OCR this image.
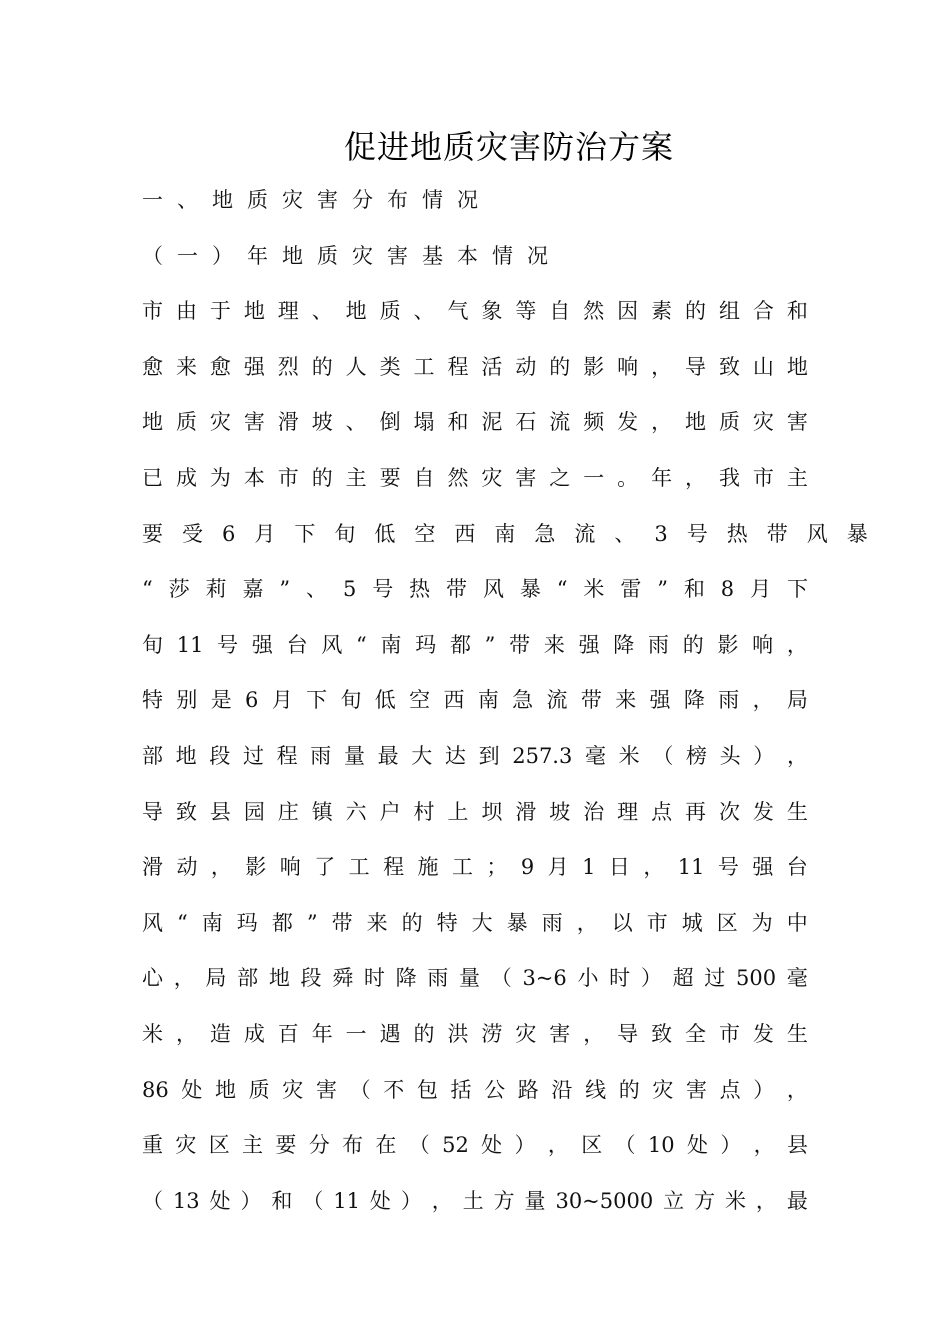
促进地质灾害防治方案
一 、 地 质 灾 害 分 布 情 况
（ 一 ） 年 地 质 灾 害 基 本 情 况
市 由 于 地 理 、 地 质 、 气 象 等 自 然 因 素 的 组 合 和
愈 来 愈 强 烈 的 人 类 工 程 活 动 的 影 响 ， 导 致 山 地
地 质 灾 害 滑 坡 、 倒 塌 和 泥 石 流 频 发 ， 地 质 灾 害
已 成 为 本 市 的 主 要 自 然 灾 害 之 一 。 年 ， 我 市 主
要 受 6 月 下 旬 低 空 西 南 急 流 、 3 号 热 带 风 暴
“ 莎 莉 嘉 ” 、 5 号 热 带 风 暴 “ 米 雷 ” 和 8 月 下
旬 11 号 强 台 风 “ 南 玛 都 ” 带 来 强 降 雨 的 影 响 ，
特 别 是 6 月 下 旬 低 空 西 南 急 流 带 来 强 降 雨 ， 局
部 地 段 过 程 雨 量 最 大 达 到 257.3 毫 米 （ 榜 头 ） ，
导 致 县 园 庄 镇 六 户 村 上 坝 滑 坡 治 理 点 再 次 发 生
滑 动 ， 影 响 了 工 程 施 工 ； 9 月 1 日 ， 11 号 强 台
风 “ 南 玛 都 ” 带 来 的 特 大 暴 雨 ， 以 市 城 区 为 中
心 ， 局 部 地 段 舜 时 降 雨 量 （ 3~6 小 时 ） 超 过 500 毫
米 ， 造 成 百 年 一 遇 的 洪 涝 灾 害 ， 导 致 全 市 发 生
86 处 地 质 灾 害 （ 不 包 括 公 路 沿 线 的 灾 害 点 ） ，
重 灾 区 主 要 分 布 在 （ 52 处 ） ， 区 （ 10 处 ） ， 县
（ 13 处 ） 和 （ 11 处 ） ， 土 方 量 30~5000 立 方 米 ， 最
